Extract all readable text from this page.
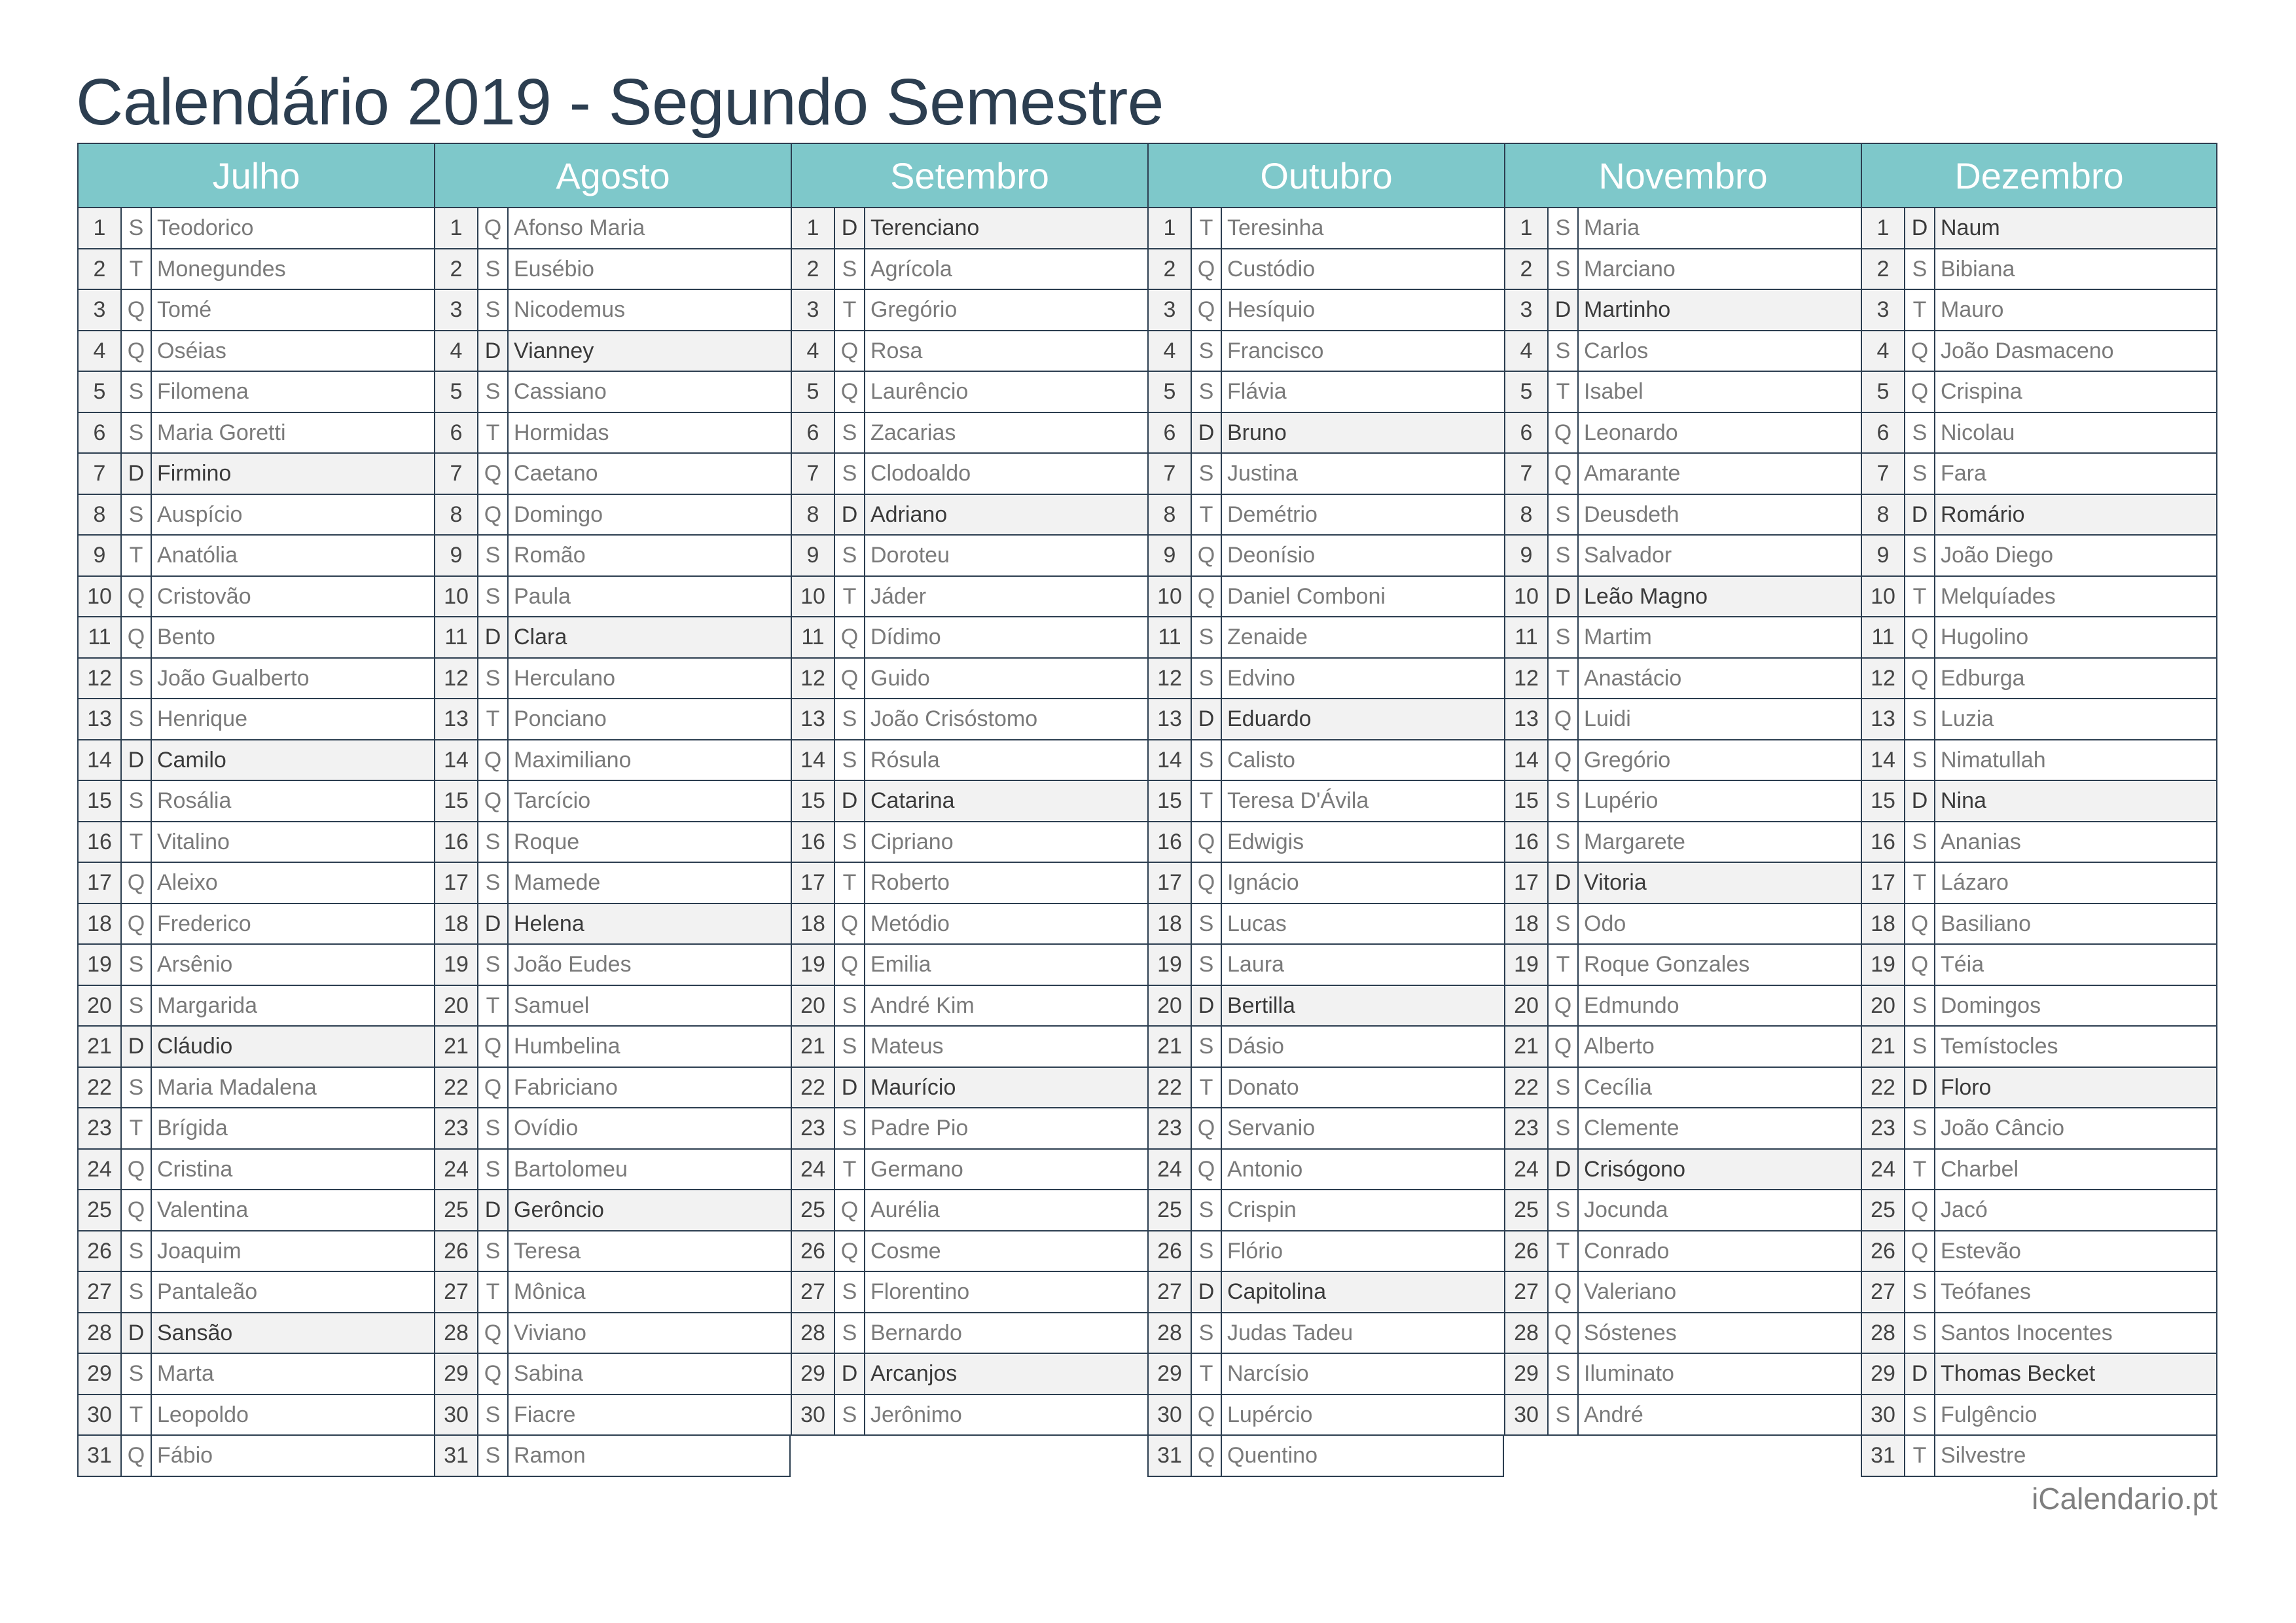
Calendário 2019 - Segundo Semestre
Julho
1	S Teodorico
2	T Monegundes
3 Q Tomé
4 Q Oséias
5	S Filomena
6	S Maria Goretti
7	D Firmino
8	S Auspício
9	T Anatólia
10 Q Cristovão
11 Q Bento
12 S João Gualberto
13 S Henrique
14 D Camilo
15 S Rosália
16 T Vitalino
17 Q Aleixo
18 Q Frederico
19 S Arsênio
20 S Margarida
21 D Cláudio
22 S Maria Madalena
23 T Brígida
24 Q Cristina
25 Q Valentina
26 S Joaquim
27 S Pantaleão
28 D Sansão
29 S Marta
30 T Leopoldo
31 Q Fábio
Agosto
1 Q Afonso Maria
2	S Eusébio
3	S Nicodemus
4	D Vianney
5	S Cassiano
6	T Hormidas
7 Q Caetano
8 Q Domingo
9	S Romão
10 S Paula
11 D Clara
12 S Herculano
13 T Ponciano
14 Q Maximiliano
15 Q Tarcício
16 S Roque
17 S Mamede
18 D Helena
19 S João Eudes
20 T Samuel
21 Q Humbelina
22 Q Fabriciano
23 S Ovídio
24 S Bartolomeu
25 D Gerôncio
26 S Teresa
27 T Mônica
28 Q Viviano
29 Q Sabina
30 S Fiacre
31 S Ramon
Setembro
1	D Terenciano
2	S Agrícola
3	T Gregório
4 Q Rosa
5 Q Laurêncio
6	S Zacarias
7	S Clodoaldo
8	D Adriano
9	S Doroteu
10 T Jáder
11 Q Dídimo
12 Q Guido
13 S João Crisóstomo
14 S Rósula
15 D Catarina
16 S Cipriano
17 T Roberto
18 Q Metódio
19 Q Emilia
20 S André Kim
21 S Mateus
22 D Maurício
23 S Padre Pio
24 T Germano
25 Q Aurélia
26 Q Cosme
27 S Florentino
28 S Bernardo
29 D Arcanjos
30 S Jerônimo
Outubro
1	T Teresinha
2 Q Custódio
3 Q Hesíquio
4	S Francisco
5	S Flávia
6	D Bruno
7	S Justina
8	T Demétrio
9 Q Deonísio
10 Q Daniel Comboni
11 S Zenaide
12 S Edvino
13 D Eduardo
14 S Calisto
15 T Teresa D'Ávila
16 Q Edwigis
17 Q Ignácio
18 S Lucas
19 S Laura
20 D Bertilla
21 S Dásio
22 T Donato
23 Q Servanio
24 Q Antonio
25 S Crispin
26 S Flório
27 D Capitolina
28 S Judas Tadeu
29 T Narcísio
30 Q Lupércio
31 Q Quentino
Novembro
1	S Maria
2	S Marciano
3	D Martinho
4	S Carlos
5	T Isabel
6 Q Leonardo
7 Q Amarante
8	S Deusdeth
9	S Salvador
10 D Leão Magno
11 S Martim
12 T Anastácio
13 Q Luidi
14 Q Gregório
15 S Lupério
16 S Margarete
17 D Vitoria
18 S Odo
19 T Roque Gonzales
20 Q Edmundo
21 Q Alberto
22 S Cecília
23 S Clemente
24 D Crisógono
25 S Jocunda
26 T Conrado
27 Q Valeriano
28 Q Sóstenes
29 S Iluminato
30 S André
Dezembro
1	D Naum
2	S Bibiana
3	T Mauro
4 Q João Dasmaceno
5 Q Crispina
6	S Nicolau
7	S Fara
8	D Romário
9	S João Diego
10 T Melquíades
11 Q Hugolino
12 Q Edburga
13 S Luzia
14 S Nimatullah
15 D Nina
16 S Ananias
17 T Lázaro
18 Q Basiliano
19 Q Téia
20 S Domingos
21 S Temístocles
22 D Floro
23 S João Câncio
24 T Charbel
25 Q Jacó
26 Q Estevão
27 S Teófanes
28 S Santos Inocentes
29 D Thomas Becket
30 S Fulgêncio
31 T Silvestre
iCalendario.pt
